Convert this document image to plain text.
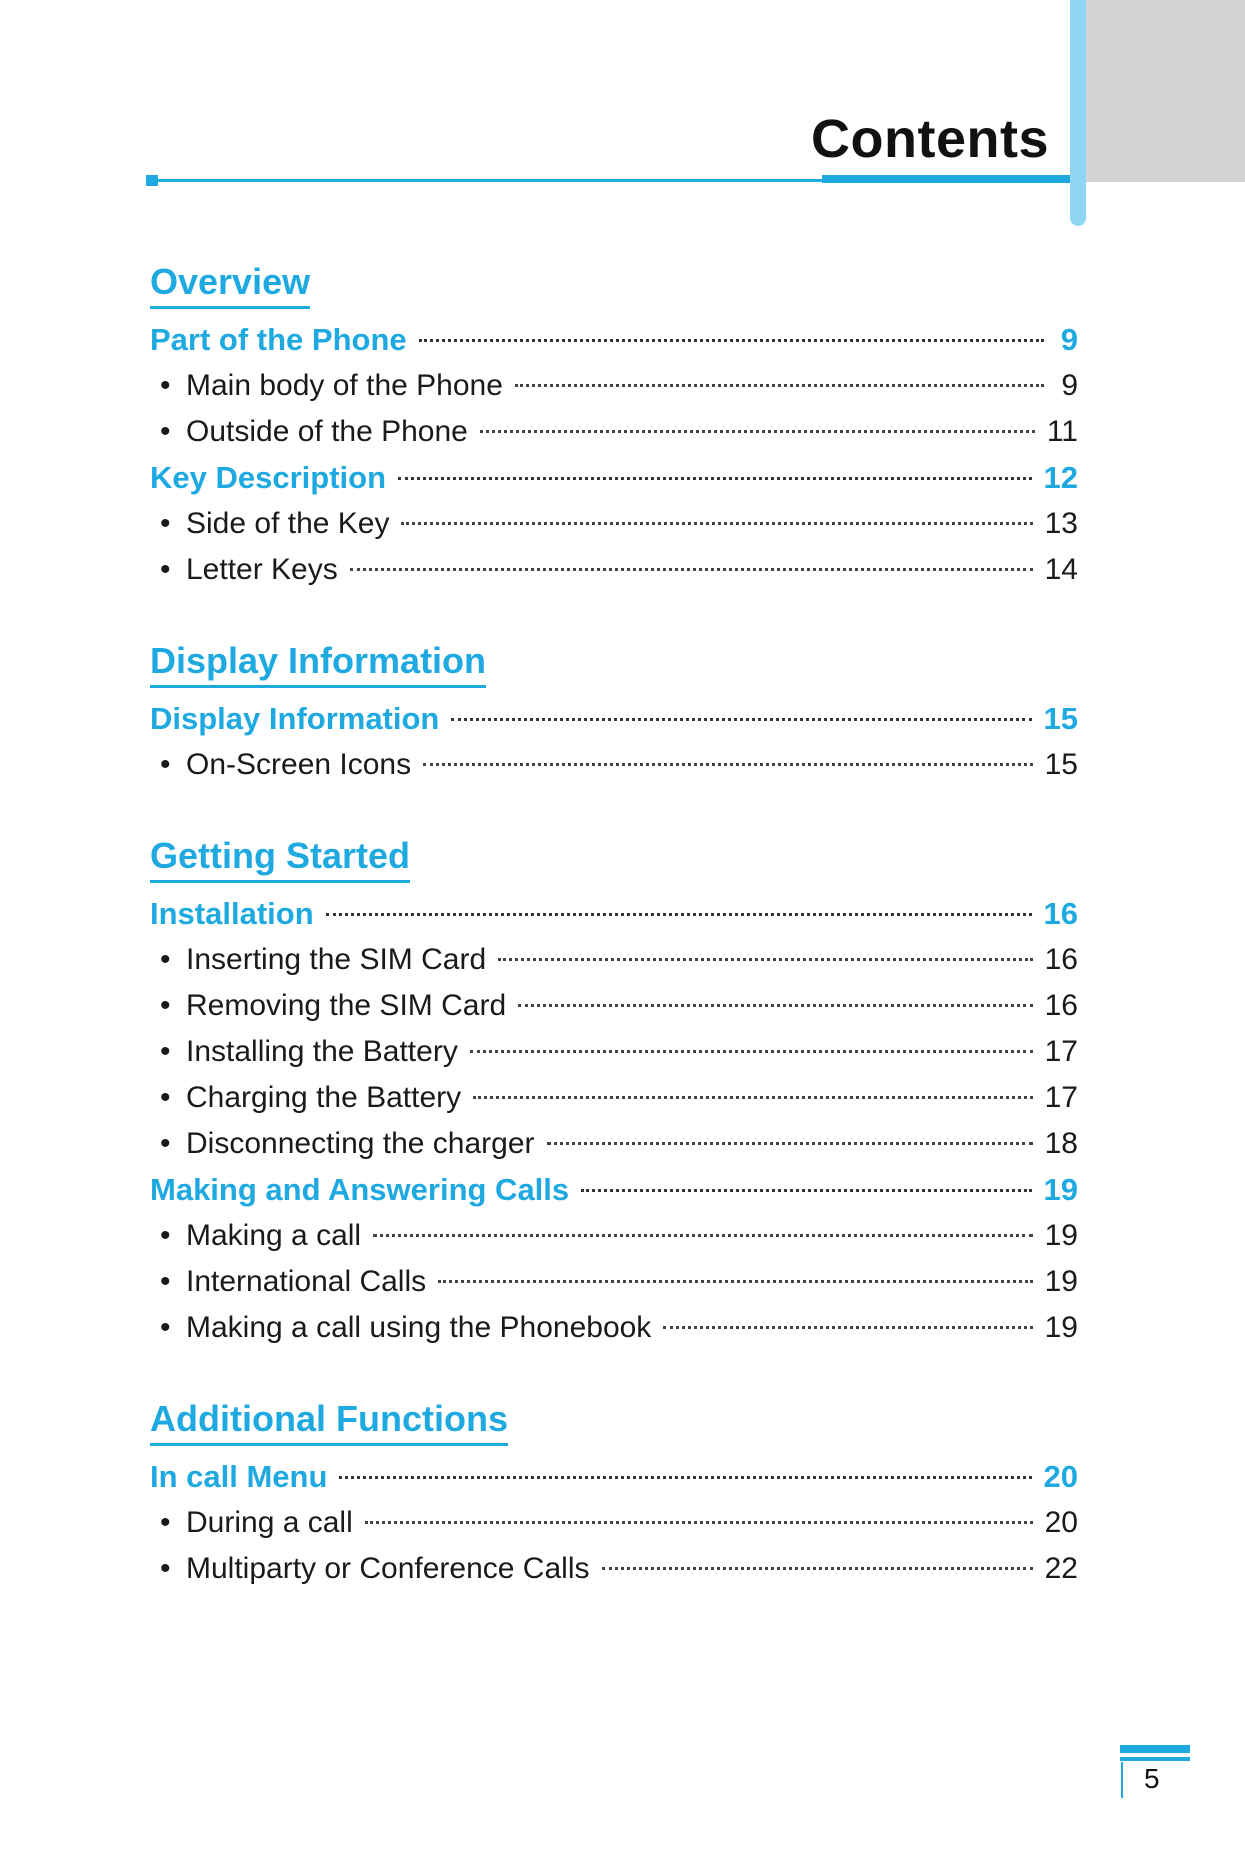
Contents
Overview
Part of the Phone	9
• Main body of the Phone	9
• Outside of the Phone	11
Key Description	12
• Side of the Key	13
• Letter Keys	14
Display Information
Display Information	15
• On-Screen Icons	15
Getting Started
Installation	16
• Inserting the SIM Card	16
• Removing the SIM Card	16
• Installing the Battery	17
• Charging the Battery	17
• Disconnecting the charger	18
Making and Answering Calls	19
• Making a call	19
• International Calls	19
• Making a call using the Phonebook	19
Additional Functions
In call Menu	20
• During a call	20
• Multiparty or Conference Calls	22
5
